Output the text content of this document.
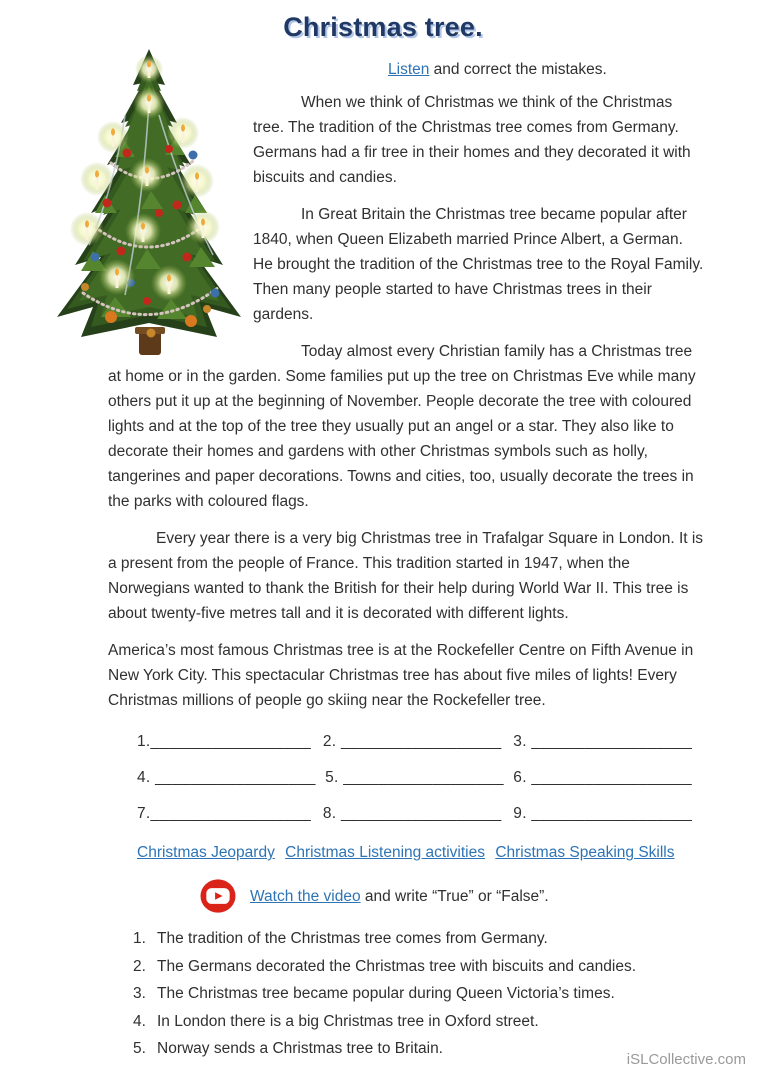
Christmas tree.

Listen and correct the mistakes.

When we think of Christmas we think of the Christmas tree. The tradition of the Christmas tree comes from Germany. Germans had a fir tree in their homes and they decorated it with biscuits and candies.

In Great Britain the Christmas tree became popular after 1840, when Queen Elizabeth married Prince Albert, a German. He brought the tradition of the Christmas tree to the Royal Family. Then many people started to have Christmas trees in their gardens.

Today almost every Christian family has a Christmas tree at home or in the garden. Some families put up the tree on Christmas Eve while many others put it up at the beginning of November. People decorate the tree with coloured lights and at the top of the tree they usually put an angel or a star. They also like to decorate their homes and gardens with other Christmas symbols such as holly, tangerines and paper decorations. Towns and cities, too, usually decorate the trees in the parks with coloured flags.

Every year there is a very big Christmas tree in Trafalgar Square in London. It is a present from the people of France. This tradition started in 1947, when the Norwegians wanted to thank the British for their help during World War II. This tree is about twenty-five metres tall and it is decorated with different lights.

America’s most famous Christmas tree is at the Rockefeller Centre on Fifth Avenue in New York City. This spectacular Christmas tree has about five miles of lights! Every Christmas millions of people go skiing near the Rockefeller tree.

1.__________________ 2. __________________ 3. __________________
4. __________________ 5. __________________ 6. __________________
7.__________________ 8. __________________ 9. __________________
Christmas Jeopardy Christmas Listening activities Christmas Speaking Skills
Watch the video and write “True” or “False”.
1. The tradition of the Christmas tree comes from Germany.
2. The Germans decorated the Christmas tree with biscuits and candies.
3. The Christmas tree became popular during Queen Victoria’s times.
4. In London there is a big Christmas tree in Oxford street.
5. Norway sends a Christmas tree to Britain.
iSLCollective.com
